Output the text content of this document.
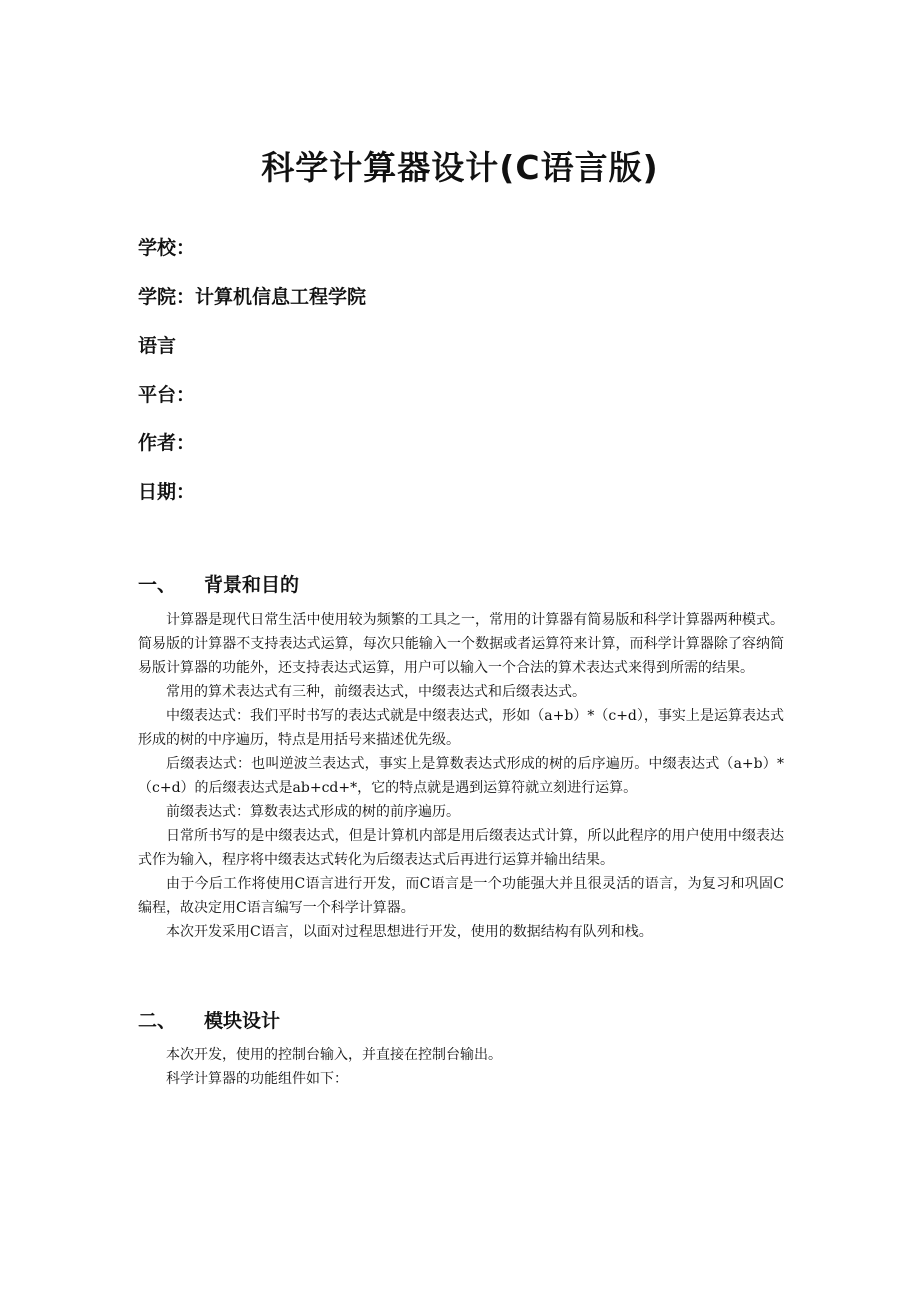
科学计算器设计(C语言版)

学校：

学院：计算机信息工程学院

语言

平台：

作者：

日期：

一、	背景和目的

计算器是现代日常生活中使用较为频繁的工具之一，常用的计算器有简易版和科学计算器两种模式。简易版的计算器不支持表达式运算，每次只能输入一个数据或者运算符来计算，而科学计算器除了容纳简易版计算器的功能外，还支持表达式运算，用户可以输入一个合法的算术表达式来得到所需的结果。

常用的算术表达式有三种，前缀表达式，中缀表达式和后缀表达式。

中缀表达式：我们平时书写的表达式就是中缀表达式，形如（a+b）*（c+d），事实上是运算表达式形成的树的中序遍历，特点是用括号来描述优先级。

后缀表达式：也叫逆波兰表达式，事实上是算数表达式形成的树的后序遍历。中缀表达式（a+b）*（c+d）的后缀表达式是ab+cd+*，它的特点就是遇到运算符就立刻进行运算。

前缀表达式：算数表达式形成的树的前序遍历。

日常所书写的是中缀表达式，但是计算机内部是用后缀表达式计算，所以此程序的用户使用中缀表达式作为输入，程序将中缀表达式转化为后缀表达式后再进行运算并输出结果。

由于今后工作将使用C语言进行开发，而C语言是一个功能强大并且很灵活的语言，为复习和巩固C编程，故决定用C语言编写一个科学计算器。

本次开发采用C语言，以面对过程思想进行开发，使用的数据结构有队列和栈。

二、	模块设计

本次开发，使用的控制台输入，并直接在控制台输出。

科学计算器的功能组件如下：
